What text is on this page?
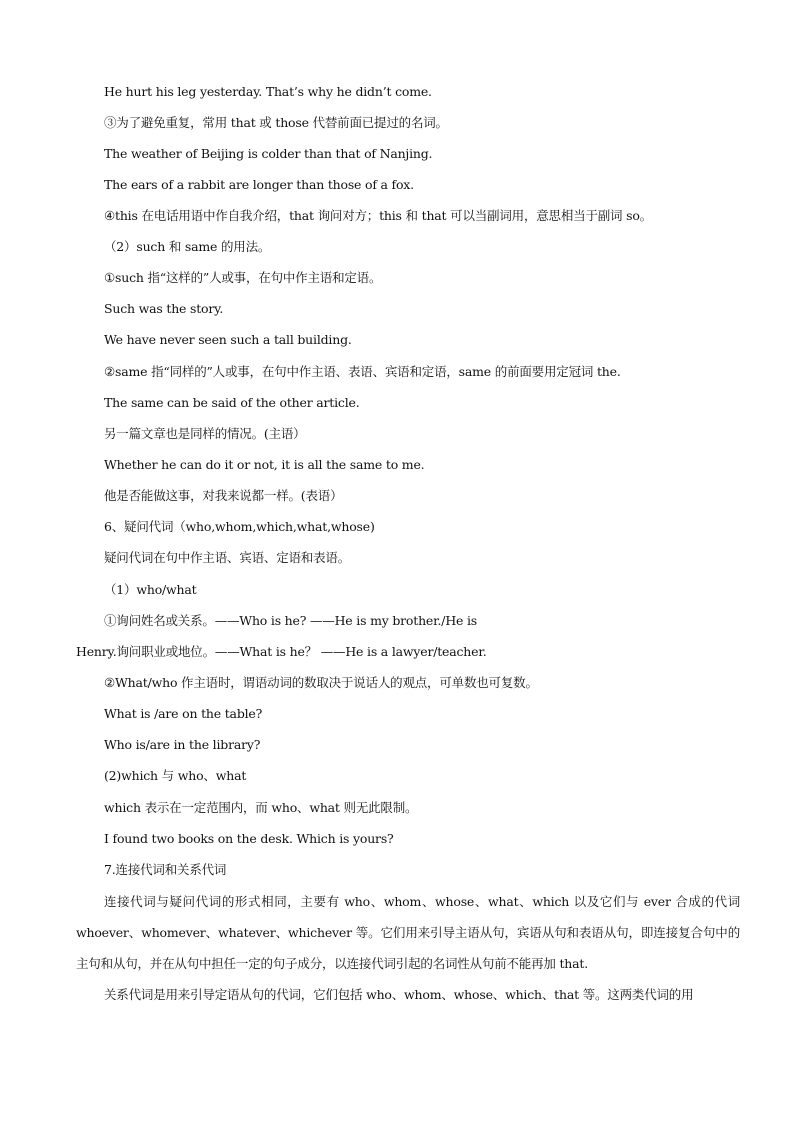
He hurt his leg yesterday. That’s why he didn’t come.
③为了避免重复，常用 that 或 those 代替前面已提过的名词。
The weather of Beijing is colder than that of Nanjing.
The ears of a rabbit are longer than those of a fox.
④this 在电话用语中作自我介绍，that 询问对方；this 和 that 可以当副词用，意思相当于副词 so。
（2）such 和 same 的用法。
①such 指“这样的”人或事，在句中作主语和定语。
Such was the story.
We have never seen such a tall building.
②same 指“同样的”人或事，在句中作主语、表语、宾语和定语，same 的前面要用定冠词 the.
The same can be said of the other article.
另一篇文章也是同样的情况。(主语）
Whether he can do it or not, it is all the same to me.
他是否能做这事，对我来说都一样。(表语）
6、疑问代词（who,whom,which,what,whose)
疑问代词在句中作主语、宾语、定语和表语。
（1）who/what
①询问姓名或关系。——Who is he? ——He is my brother./He is
Henry.询问职业或地位。——What is he？ ——He is a lawyer/teacher.
②What/who 作主语时，谓语动词的数取决于说话人的观点，可单数也可复数。
What is /are on the table?
Who is/are in the library?
(2)which 与 who、what
which 表示在一定范围内，而 who、what 则无此限制。
I found two books on the desk. Which is yours?
7.连接代词和关系代词
连接代词与疑问代词的形式相同，主要有 who、whom、whose、what、which 以及它们与 ever 合成的代词 whoever、whomever、whatever、whichever 等。它们用来引导主语从句，宾语从句和表语从句，即连接复合句中的主句和从句，并在从句中担任一定的句子成分，以连接代词引起的名词性从句前不能再加 that.
关系代词是用来引导定语从句的代词，它们包括 who、whom、whose、which、that 等。这两类代词的用
